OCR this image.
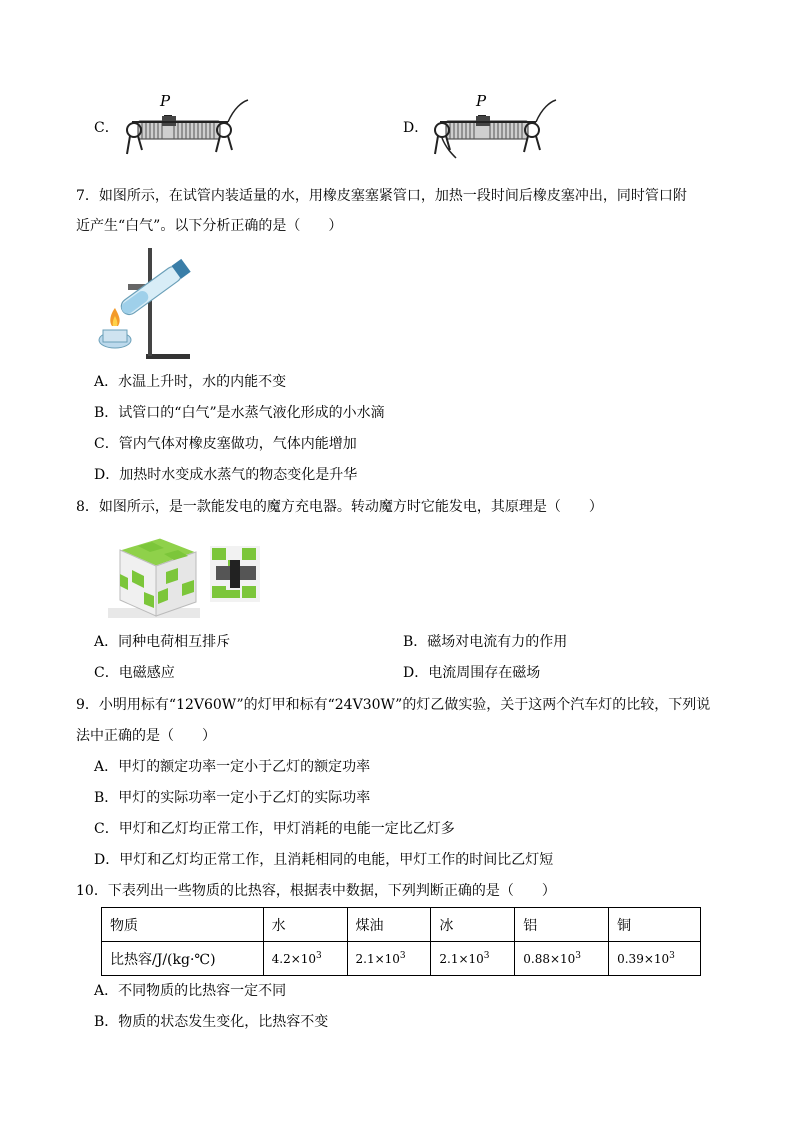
C．
P
D．
P
7．如图所示，在试管内装适量的水，用橡皮塞塞紧管口，加热一段时间后橡皮塞冲出，同时管口附
近产生“白气”。以下分析正确的是（　　）
A．水温上升时，水的内能不变
B．试管口的“白气”是水蒸气液化形成的小水滴
C．管内气体对橡皮塞做功，气体内能增加
D．加热时水变成水蒸气的物态变化是升华
8．如图所示，是一款能发电的魔方充电器。转动魔方时它能发电，其原理是（　　）
A．同种电荷相互排斥	B．磁场对电流有力的作用
C．电磁感应	D．电流周围存在磁场
9．小明用标有“12V60W”的灯甲和标有“24V30W”的灯乙做实验，关于这两个汽车灯的比较，下列说
法中正确的是（　　）
A．甲灯的额定功率一定小于乙灯的额定功率
B．甲灯的实际功率一定小于乙灯的实际功率
C．甲灯和乙灯均正常工作，甲灯消耗的电能一定比乙灯多
D．甲灯和乙灯均正常工作，且消耗相同的电能，甲灯工作的时间比乙灯短
10．下表列出一些物质的比热容，根据表中数据，下列判断正确的是（　　）
物质	水	煤油	冰	铝	铜
比热容/J/(kg·℃)	$4.2\times 10^3$	$2.1\times 10^3$	$2.1\times 10^3$	$0.88\times 10^3$	$0.39\times 10^3$
A．不同物质的比热容一定不同
B．物质的状态发生变化，比热容不变
